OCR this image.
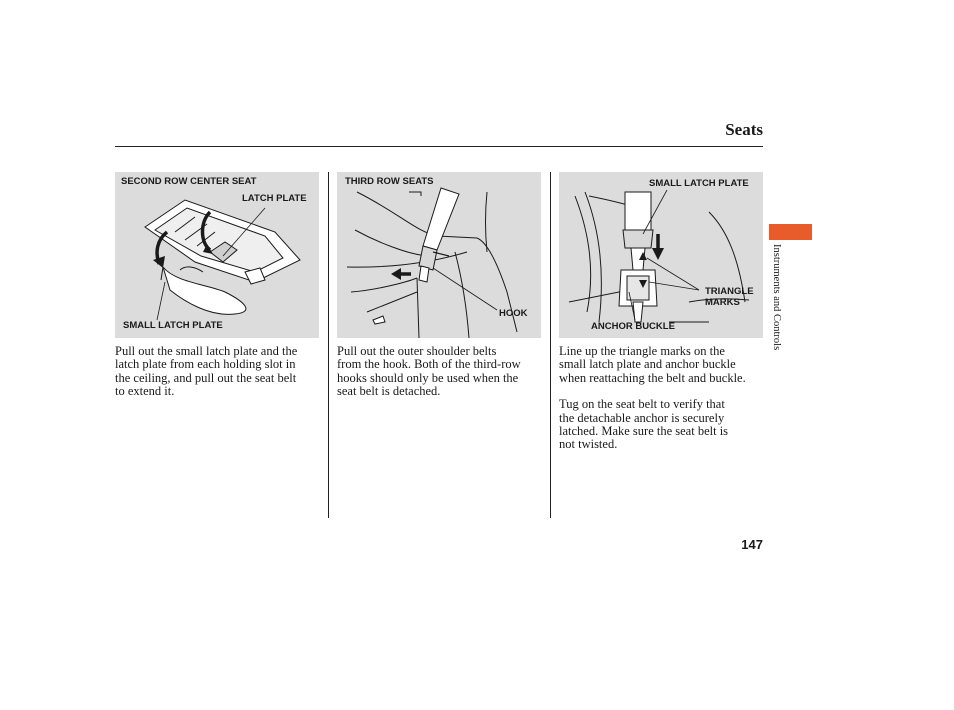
Seats
SECOND ROW CENTER SEAT
LATCH PLATE
SMALL LATCH PLATE
THIRD ROW SEATS
HOOK
SMALL LATCH PLATE
TRIANGLE
MARKS
ANCHOR BUCKLE

Pull out the small latch plate and the
latch plate from each holding slot in
the ceiling, and pull out the seat belt
to extend it.

Pull out the outer shoulder belts
from the hook. Both of the third-row
hooks should only be used when the
seat belt is detached.

Line up the triangle marks on the
small latch plate and anchor buckle
when reattaching the belt and buckle.

Tug on the seat belt to verify that
the detachable anchor is securely
latched. Make sure the seat belt is
not twisted.

Instruments and Controls
147
